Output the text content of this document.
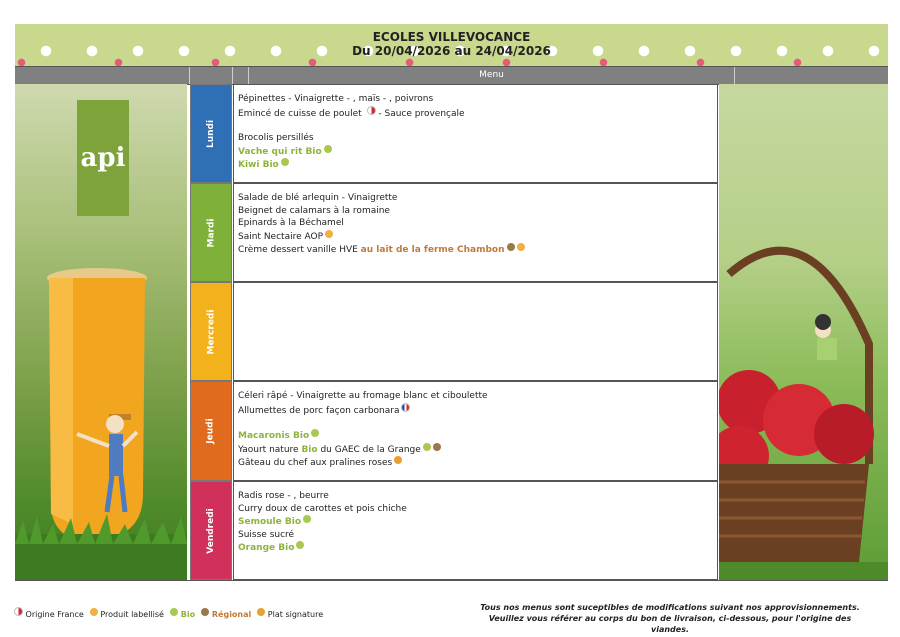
ECOLES VILLEVOCANCE
Du 20/04/2026 au 24/04/2026
Menu
api
Lundi
Mardi
Mercredi
Jeudi
Vendredi
Pépinettes - Vinaigrette - , maïs - , poivrons
Emincé de cuisse de poulet  - Sauce provençale
Brocolis persillés
Vache qui rit Bio
Kiwi Bio
Salade de blé arlequin - Vinaigrette
Beignet de calamars à la romaine
Epinards à la Béchamel
Saint Nectaire AOP
Crème dessert vanille HVE au lait de la ferme Chambon
Céleri râpé - Vinaigrette au fromage blanc et ciboulette
Allumettes de porc façon carbonara
Macaronis Bio
Yaourt nature Bio du GAEC de la Grange
Gâteau du chef aux pralines roses
Radis rose - , beurre
Curry doux de carottes et pois chiche
Semoule Bio
Suisse sucré
Orange Bio
Origine France Produit labellisé Bio Régional Plat signature
Tous nos menus sont suceptibles de modifications suivant nos approvisionnements.
Veuillez vous référer au corps du bon de livraison, ci-dessous, pour l'origine des viandes.
